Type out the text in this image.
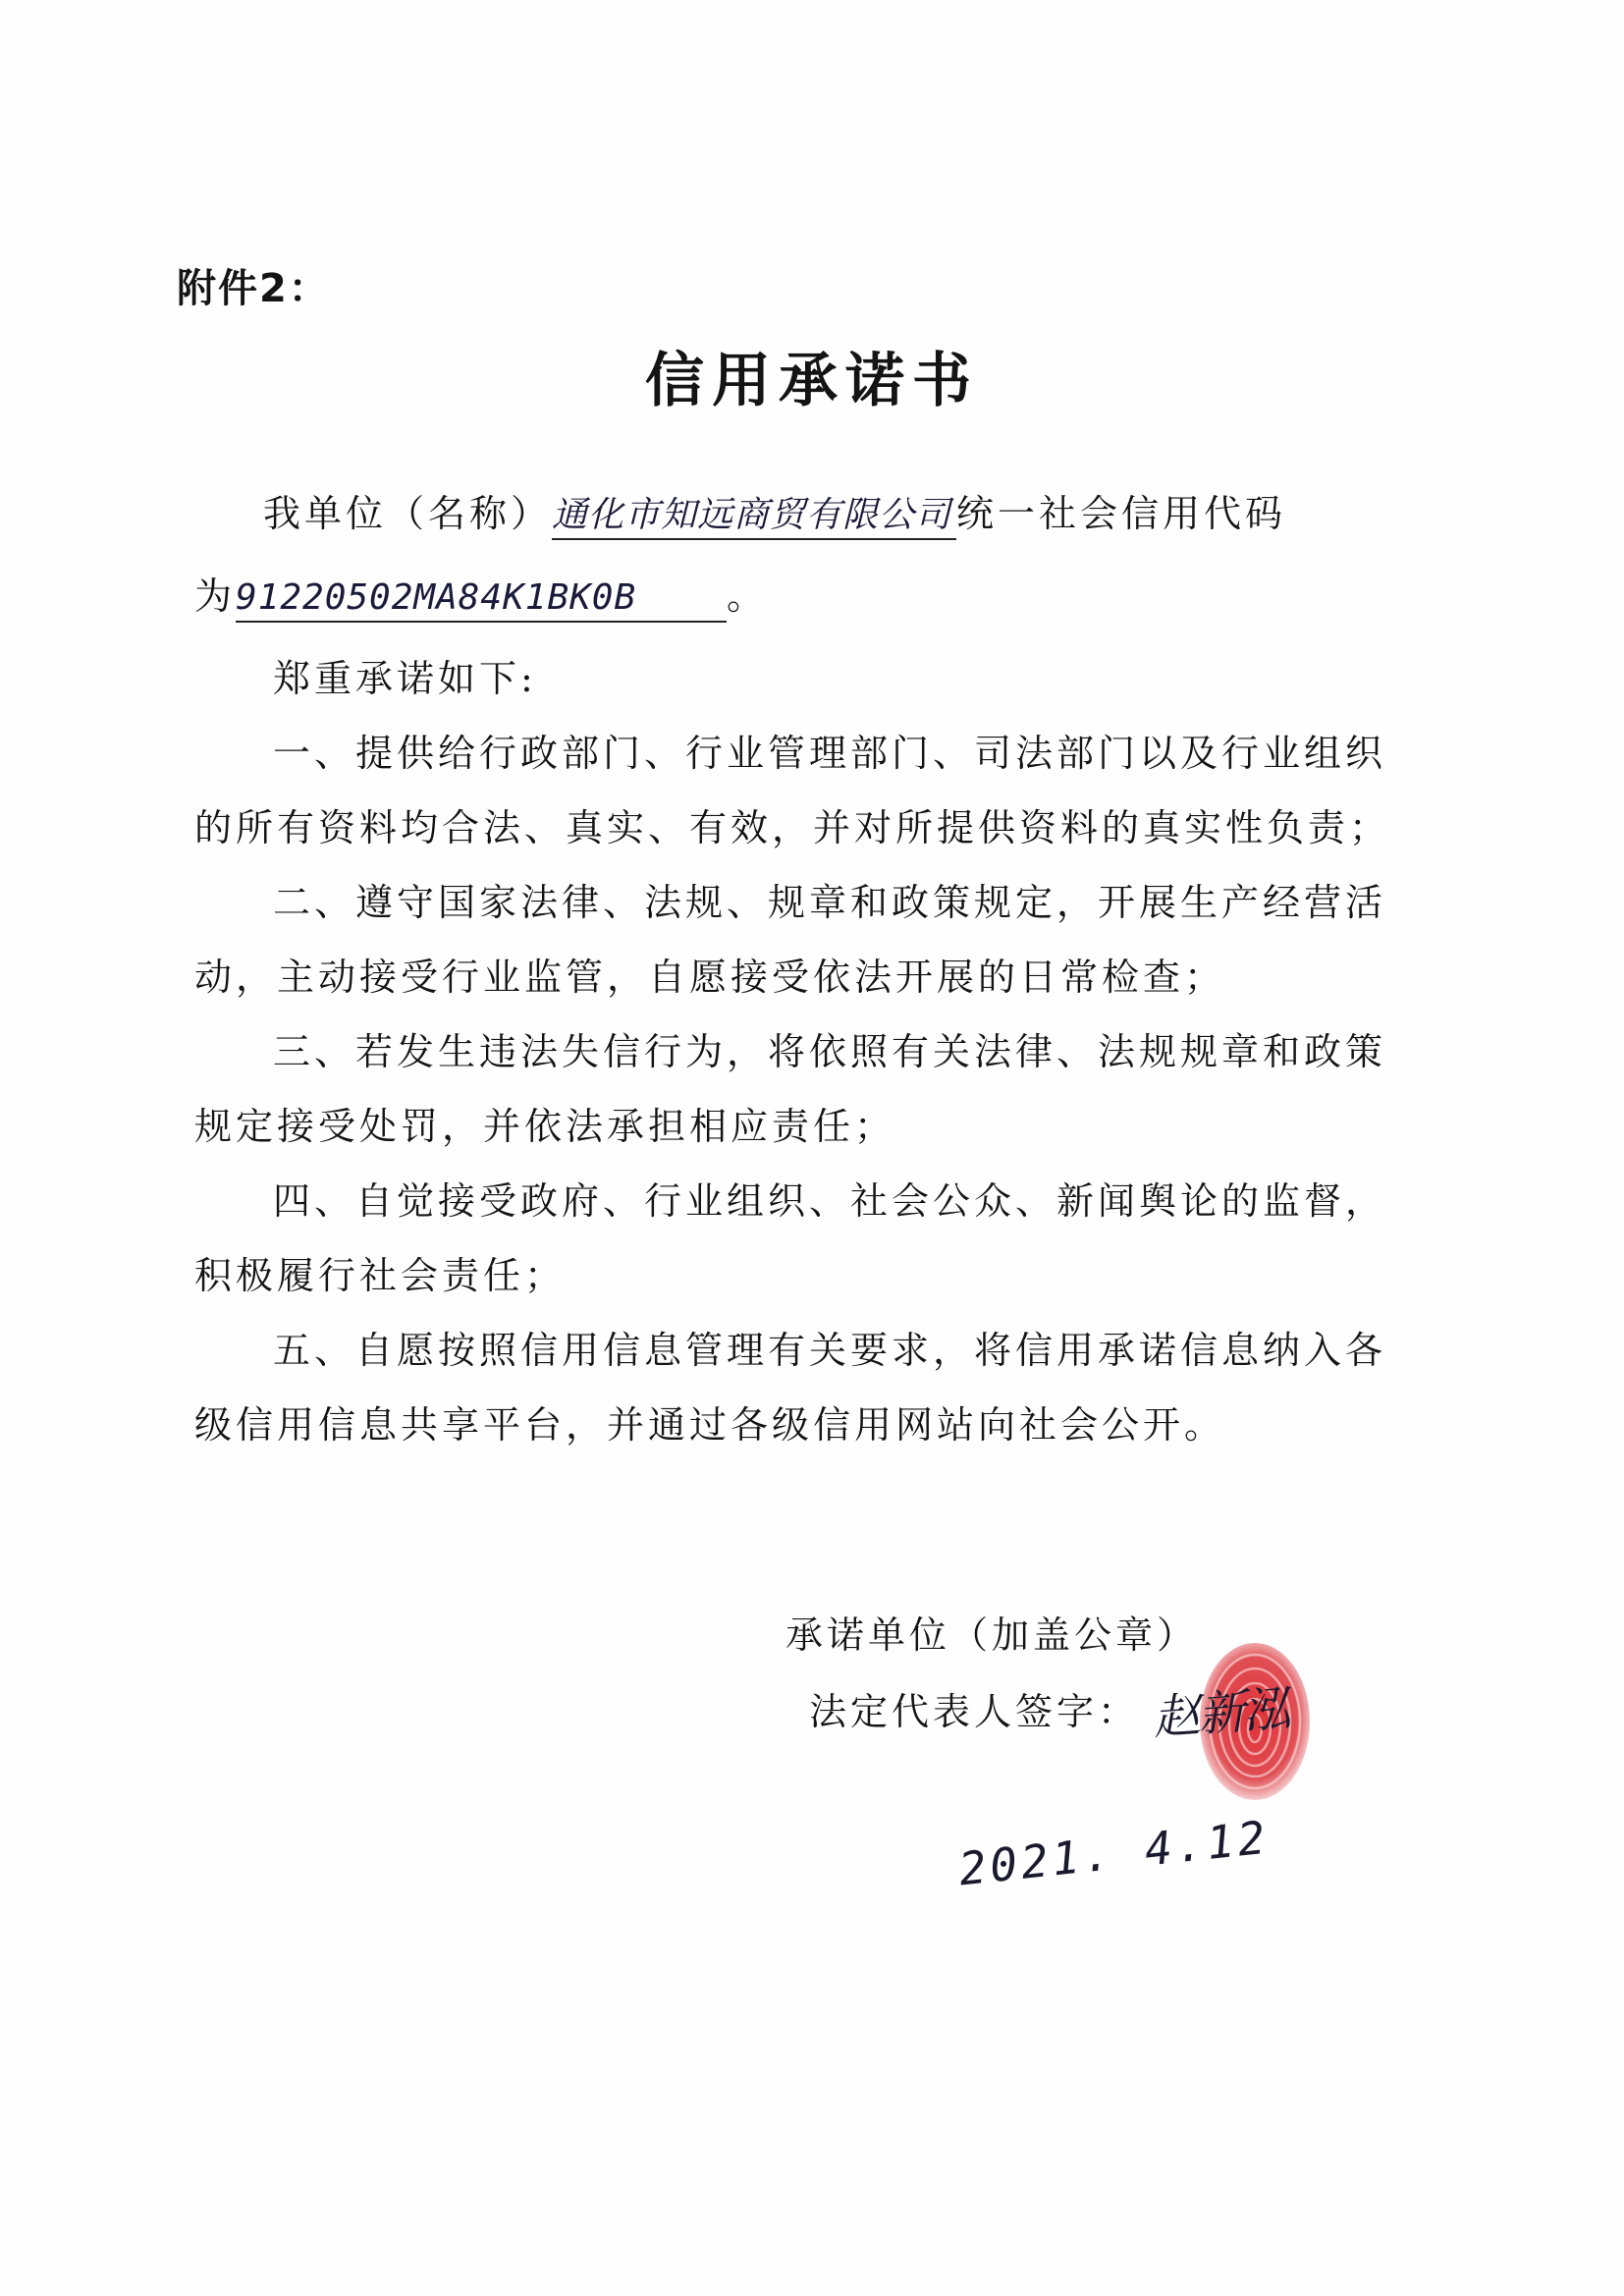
附件2：
信用承诺书
我单位（名称）通化市知远商贸有限公司 统一社会信用代码
为91220502MA84K1BK0B 。
郑重承诺如下:
一、提供给行政部门、行业管理部门、司法部门以及行业组织
的所有资料均合法、真实、有效，并对所提供资料的真实性负责；
二、遵守国家法律、法规、规章和政策规定，开展生产经营活
动，主动接受行业监管，自愿接受依法开展的日常检查；
三、若发生违法失信行为，将依照有关法律、法规规章和政策
规定接受处罚，并依法承担相应责任；
四、自觉接受政府、行业组织、社会公众、新闻舆论的监督，
积极履行社会责任；
五、自愿按照信用信息管理有关要求，将信用承诺信息纳入各
级信用信息共享平台，并通过各级信用网站向社会公开。
承诺单位（加盖公章）
法定代表人签字： 赵新泓
2021. 4.12
